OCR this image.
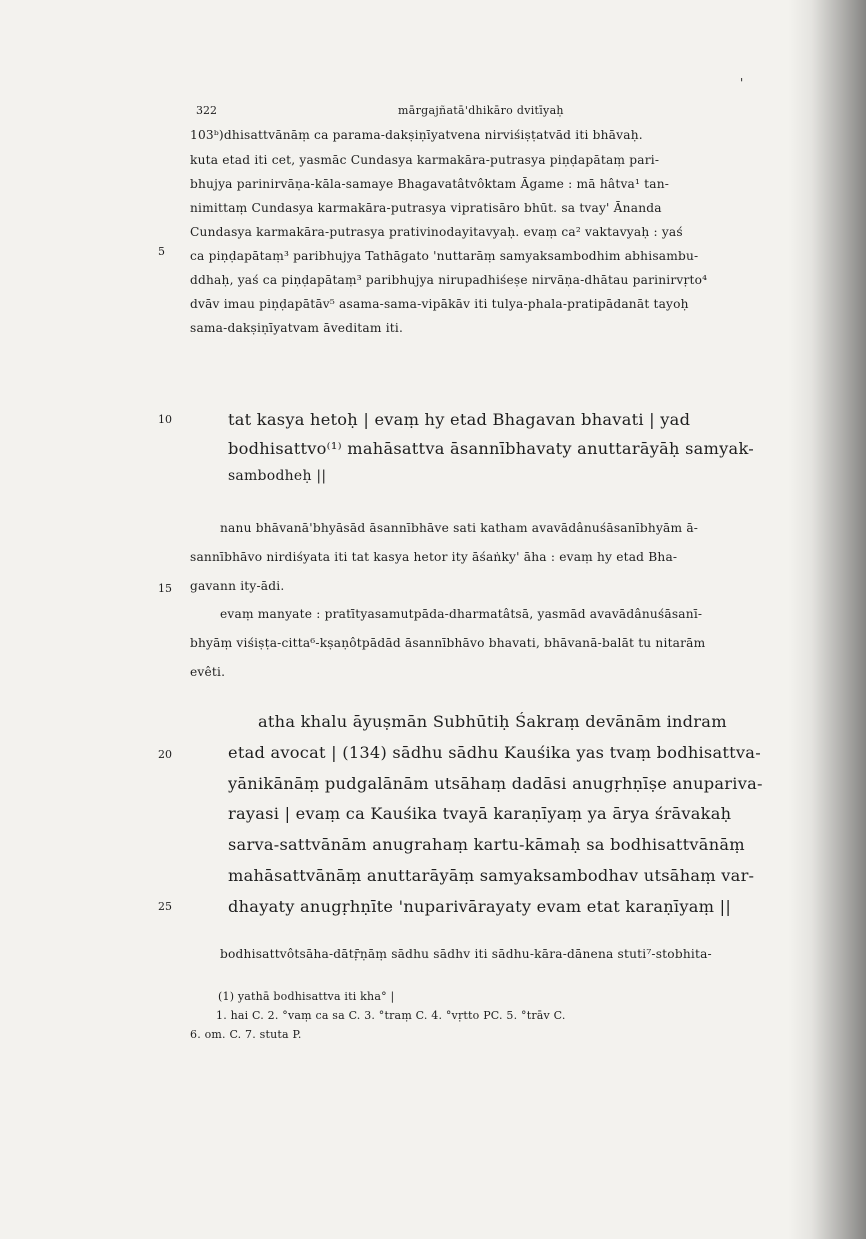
'
322	mārgajñatā'dhikāro dvitīyaḥ
5
10
15
20
25
103ᵇ)dhisattvānāṃ ca parama-dakṣiṇīyatvena nirviśiṣṭatvād iti bhāvaḥ.
kuta etad iti cet, yasmāc Cundasya karmakāra-putrasya piṇḍapātaṃ pari-
bhujya parinirvāṇa-kāla-samaye Bhagavatâtvôktam Āgame : mā hâtva¹ tan-
nimittaṃ Cundasya karmakāra-putrasya vipratisāro bhūt. sa tvay' Ānanda
Cundasya karmakāra-putrasya prativinodayitavyaḥ. evaṃ ca² vaktavyaḥ : yaś
ca piṇḍapātaṃ³ paribhujya Tathāgato 'nuttarāṃ samyaksambodhim abhisambu-
ddhaḥ, yaś ca piṇḍapātaṃ³ paribhujya nirupadhiśeṣe nirvāṇa-dhātau parinirvṛto⁴
dvāv imau piṇḍapātāv⁵ asama-sama-vipākāv iti tulya-phala-pratipādanāt tayoḥ
sama-dakṣiṇīyatvam āveditam iti.
tat kasya hetoḥ | evaṃ hy etad Bhagavan bhavati | yad
bodhisattvo⁽¹⁾ mahāsattva āsannībhavaty anuttarāyāḥ samyak-
sambodheḥ ||
nanu bhāvanā'bhyāsād āsannībhāve sati katham avavādânuśāsanībhyām ā-
sannībhāvo nirdiśyata iti tat kasya hetor ity āśaṅky' āha : evaṃ hy etad Bha-
gavann ity-ādi.
evaṃ manyate : pratītyasamutpāda-dharmatâtsā, yasmād avavādânuśāsanī-
bhyāṃ viśiṣṭa-citta⁶-kṣaṇôtpādād āsannībhāvo bhavati, bhāvanā-balāt tu nitarām
evêti.
atha khalu āyuṣmān Subhūtiḥ Śakraṃ devānām indram
etad avocat | (134) sādhu sādhu Kauśika yas tvaṃ bodhisattva-
yānikānāṃ pudgalānām utsāhaṃ dadāsi anugṛhṇīṣe anupariva-
rayasi | evaṃ ca Kauśika tvayā karaṇīyaṃ ya ārya śrāvakaḥ
sarva-sattvānām anugrahaṃ kartu-kāmaḥ sa bodhisattvānāṃ
mahāsattvānāṃ anuttarāyāṃ samyaksambodhav utsāhaṃ var-
dhayaty anugṛhṇīte 'nuparivārayaty evam etat karaṇīyaṃ ||
bodhisattvôtsāha-dātṝṇāṃ sādhu sādhv iti sādhu-kāra-dānena stuti⁷-stobhita-
(1) yathā bodhisattva iti kha° |
1. hai C. 2. °vaṃ ca sa C. 3. °traṃ C. 4. °vṛtto PC. 5. °trāv C.
6. om. C. 7. stuta P.
